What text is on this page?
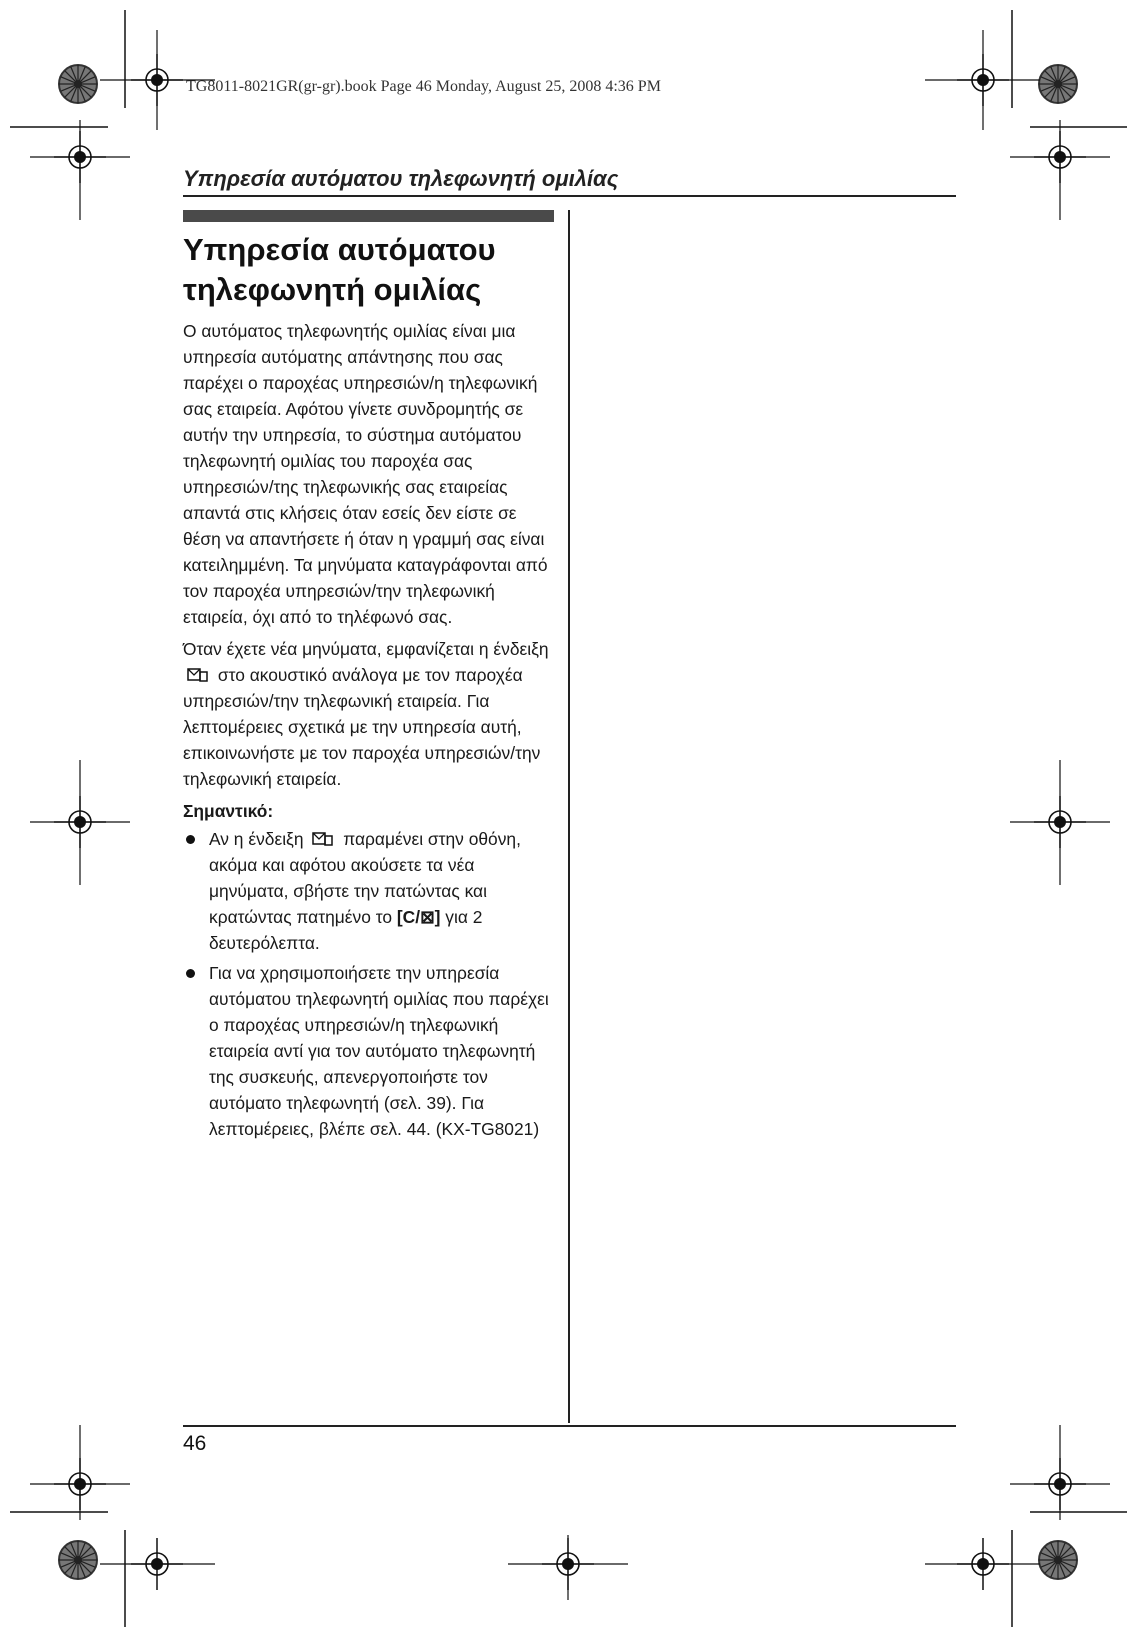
TG8011-8021GR(gr-gr).book Page 46 Monday, August 25, 2008 4:36 PM
Υπηρεσία αυτόματου τηλεφωνητή ομιλίας
Υπηρεσία αυτόματου
τηλεφωνητή ομιλίας

Ο αυτόματος τηλεφωνητής ομιλίας είναι μια υπηρεσία αυτόματης απάντησης που σας παρέχει ο παροχέας υπηρεσιών/η τηλεφωνική σας εταιρεία. Αφότου γίνετε συνδρομητής σε αυτήν την υπηρεσία, το σύστημα αυτόματου τηλεφωνητή ομιλίας του παροχέα σας υπηρεσιών/της τηλεφωνικής σας εταιρείας απαντά στις κλήσεις όταν εσείς δεν είστε σε θέση να απαντήσετε ή όταν η γραμμή σας είναι κατειλημμένη. Τα μηνύματα καταγράφονται από τον παροχέα υπηρεσιών/την τηλεφωνική εταιρεία, όχι από το τηλέφωνό σας.

Όταν έχετε νέα μηνύματα, εμφανίζεται η ένδειξη  στο ακουστικό ανάλογα με τον παροχέα υπηρεσιών/την τηλεφωνική εταιρεία. Για λεπτομέρειες σχετικά με την υπηρεσία αυτή, επικοινωνήστε με τον παροχέα υπηρεσιών/την τηλεφωνική εταιρεία.

Σημαντικό:
Αν η ένδειξη παραμένει στην οθόνη, ακόμα και αφότου ακούσετε τα νέα μηνύματα, σβήστε την πατώντας και κρατώντας πατημένο το [C/⊠] για 2 δευτερόλεπτα.
Για να χρησιμοποιήσετε την υπηρεσία αυτόματου τηλεφωνητή ομιλίας που παρέχει ο παροχέας υπηρεσιών/η τηλεφωνική εταιρεία αντί για τον αυτόματο τηλεφωνητή της συσκευής, απενεργοποιήστε τον αυτόματο τηλεφωνητή (σελ. 39). Για λεπτομέρειες, βλέπε σελ. 44. (KX-TG8021)
46
